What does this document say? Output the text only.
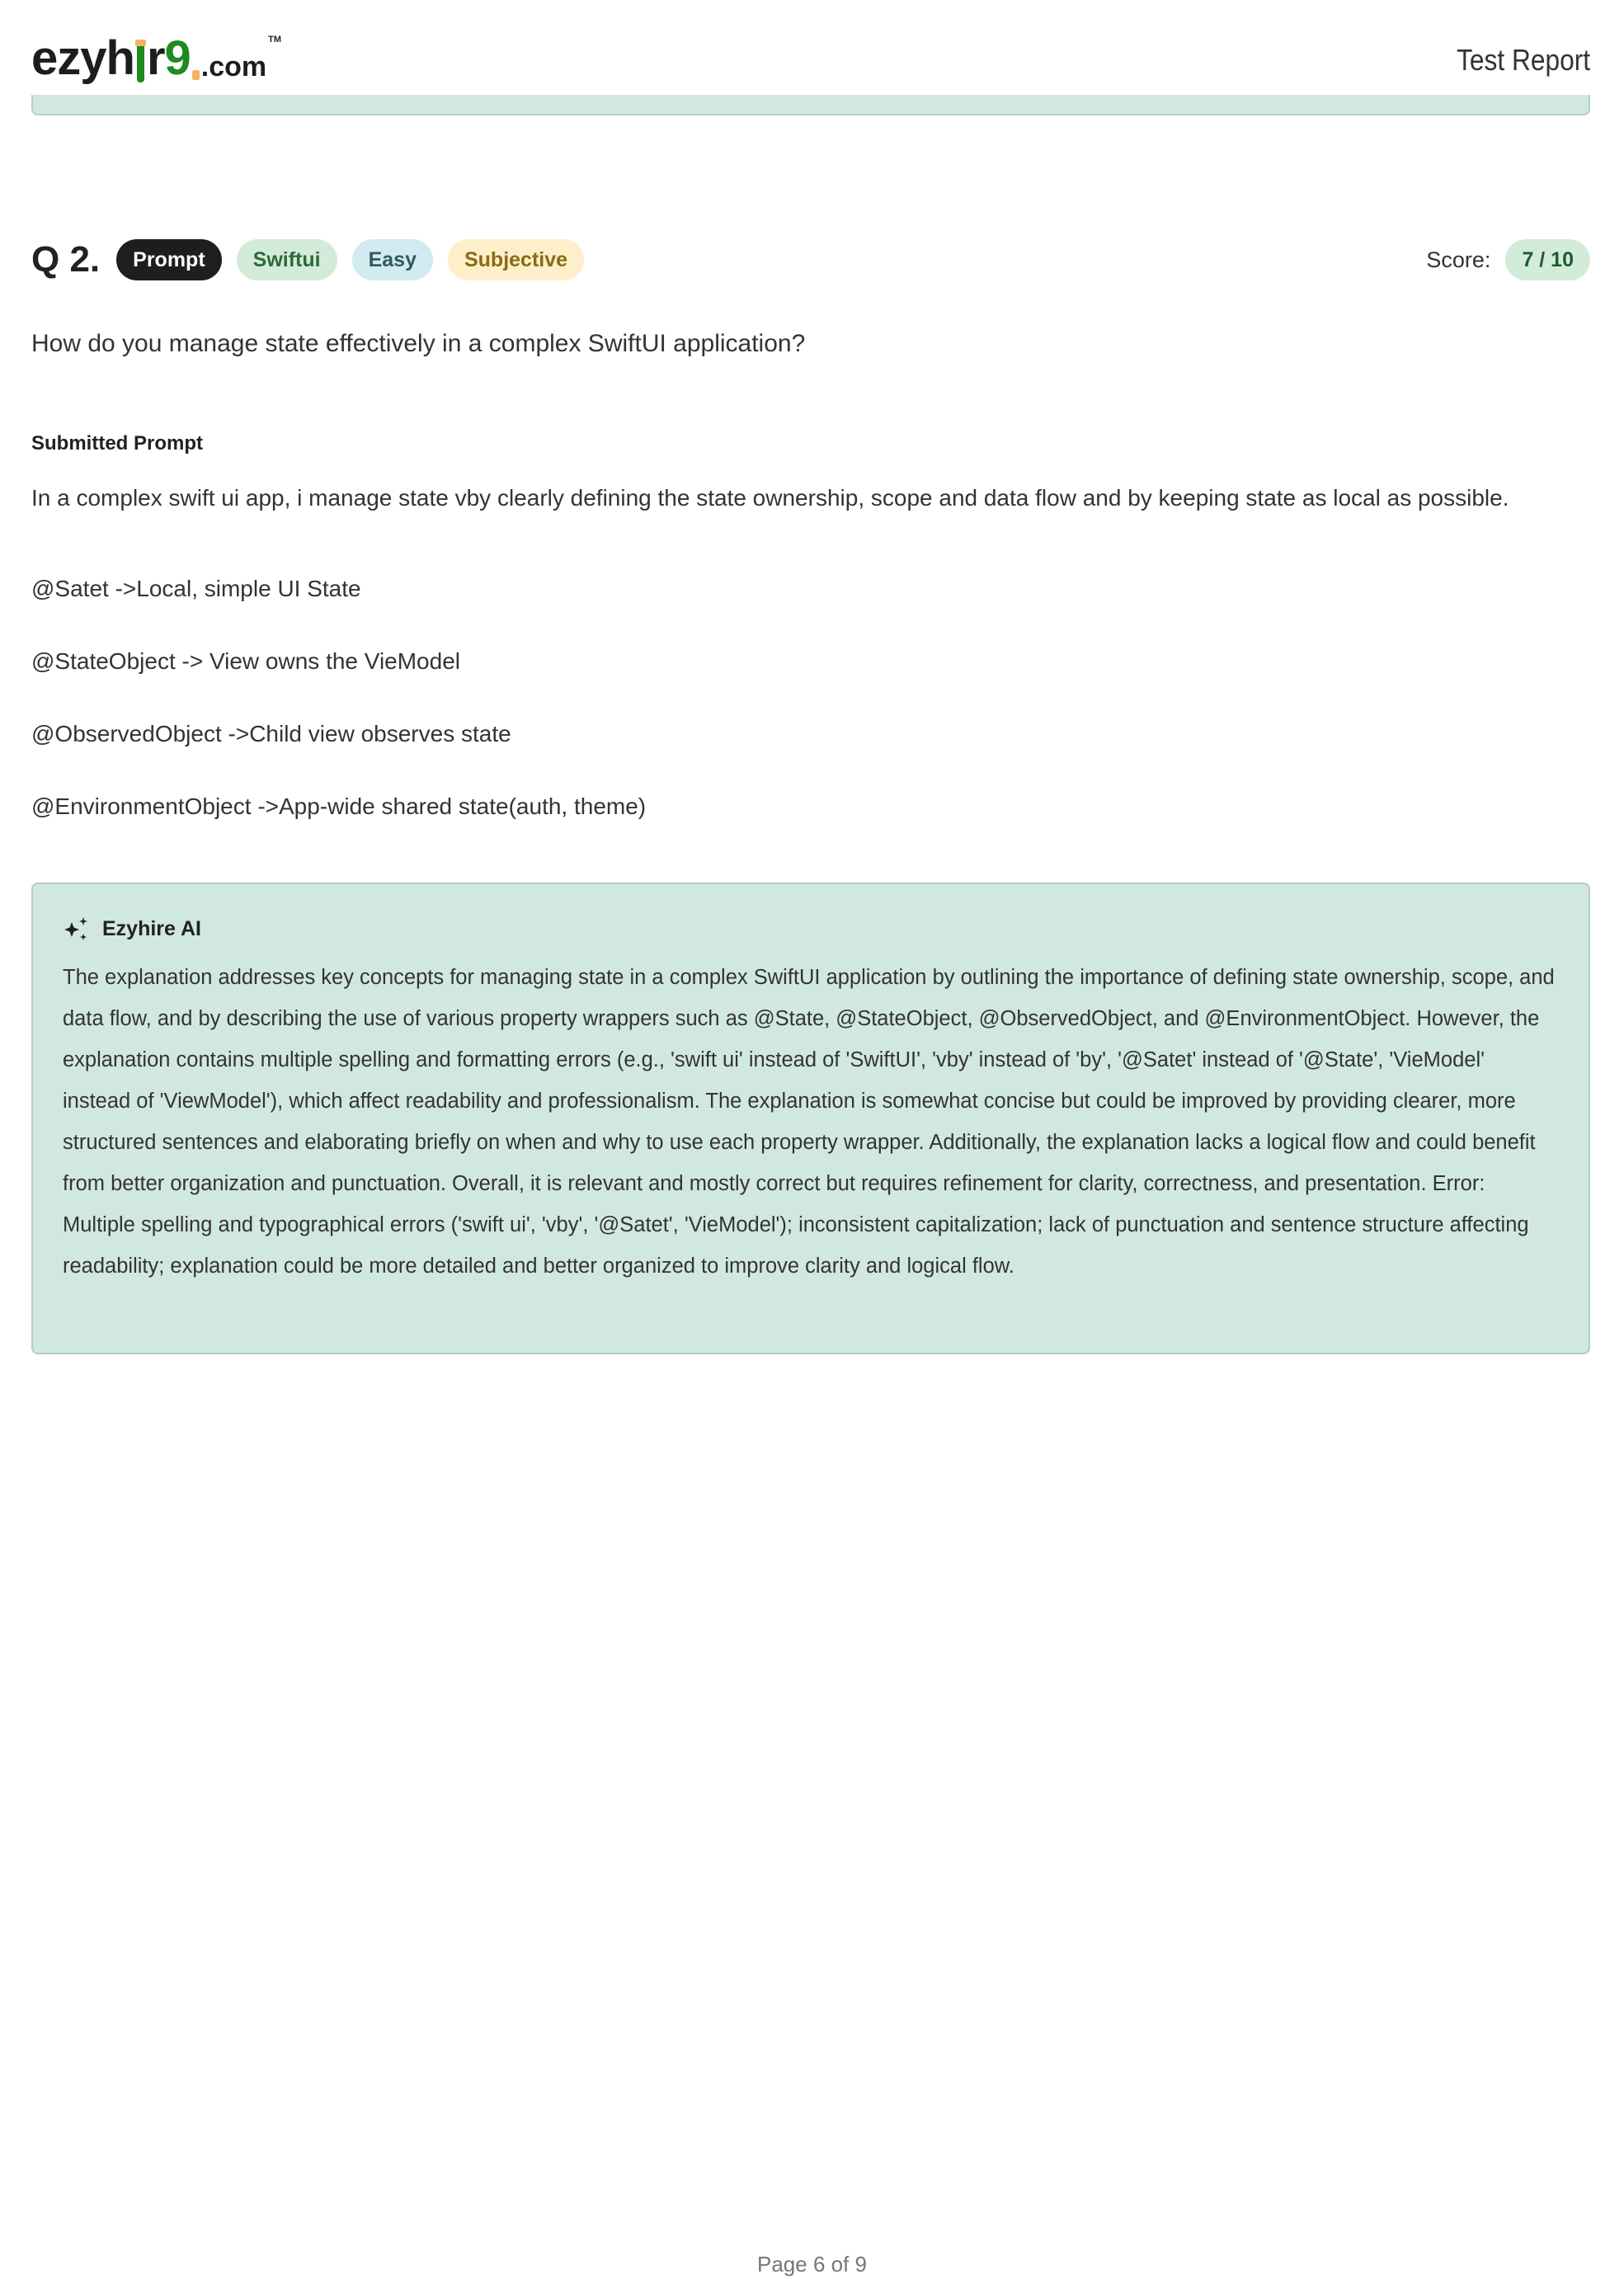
ezyh r 9 .com
TM
Test Report
Q 2.	Prompt	Swiftui	Easy	Subjective	Score:	7 / 10
How do you manage state effectively in a complex SwiftUI application?
Submitted Prompt
In a complex swift ui app, i manage state vby clearly defining the state ownership, scope and data flow and by keeping state as local as possible.
@Satet ->Local, simple UI State
@StateObject -> View owns the VieModel
@ObservedObject ->Child view observes state
@EnvironmentObject ->App-wide shared state(auth, theme)
Ezyhire AI
The explanation addresses key concepts for managing state in a complex SwiftUI application by outlining the importance of defining state ownership, scope, and data flow, and by describing the use of various property wrappers such as @State, @StateObject, @ObservedObject, and @EnvironmentObject. However, the explanation contains multiple spelling and formatting errors (e.g., 'swift ui' instead of 'SwiftUI', 'vby' instead of 'by', '@Satet' instead of '@State', 'VieModel' instead of 'ViewModel'), which affect readability and professionalism. The explanation is somewhat concise but could be improved by providing clearer, more structured sentences and elaborating briefly on when and why to use each property wrapper. Additionally, the explanation lacks a logical flow and could benefit from better organization and punctuation. Overall, it is relevant and mostly correct but requires refinement for clarity, correctness, and presentation. Error: Multiple spelling and typographical errors ('swift ui', 'vby', '@Satet', 'VieModel'); inconsistent capitalization; lack of punctuation and sentence structure affecting readability; explanation could be more detailed and better organized to improve clarity and logical flow.
Page 6 of 9
